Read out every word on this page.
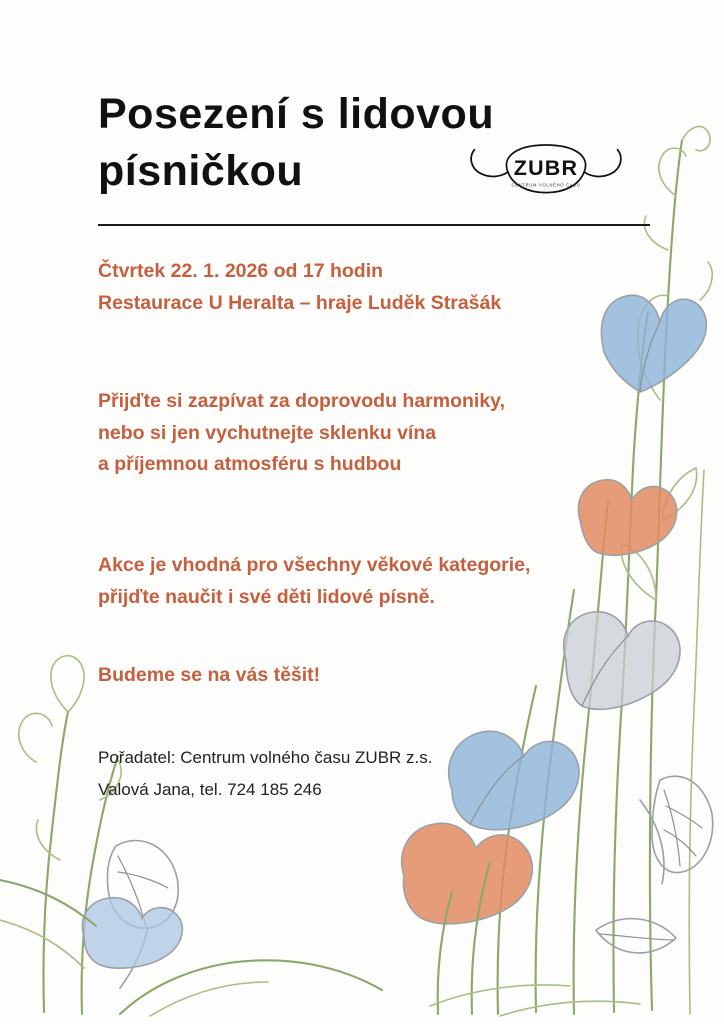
Posezení s lidovou
písničkou	ZUBR
CENTRUM VOLNÉHO ČASU
Čtvrtek 22. 1. 2026 od 17 hodin
Restaurace U Heralta – hraje Luděk Strašák
Přijďte si zazpívat za doprovodu harmoniky,
nebo si jen vychutnejte sklenku vína
a příjemnou atmosféru s hudbou
Akce je vhodná pro všechny věkové kategorie,
přijďte naučit i své děti lidové písně.
Budeme se na vás těšit!
Pořadatel: Centrum volného času ZUBR z.s.
Valová Jana, tel. 724 185 246
